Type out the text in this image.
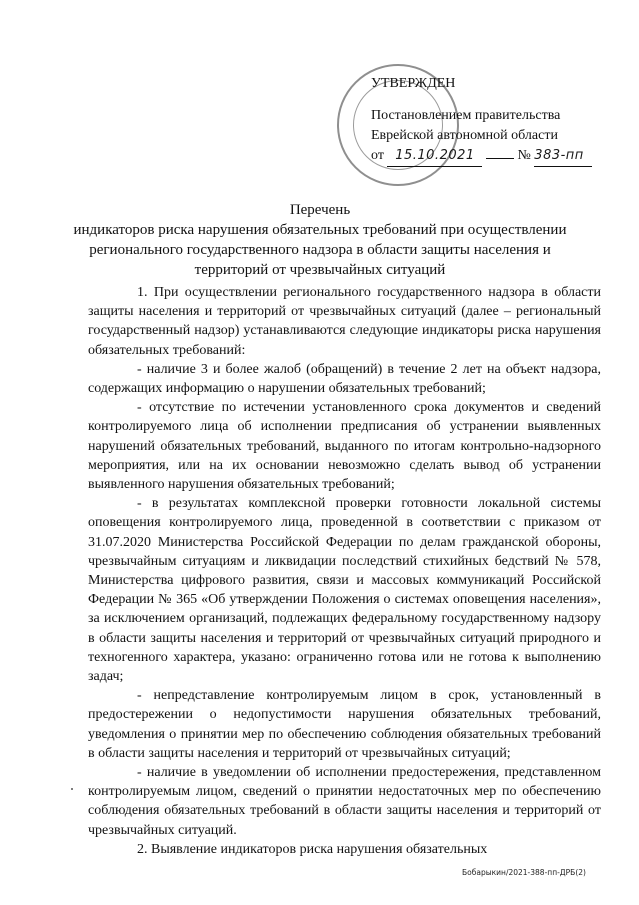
УТВЕРЖДЕН
Постановлением правительства
Еврейской автономной области
от 15.10.2021	№ 383-пп
Перечень
индикаторов риска нарушения обязательных требований при осуществлении регионального государственного надзора в области защиты населения и территорий от чрезвычайных ситуаций

1. При осуществлении регионального государственного надзора в области защиты населения и территорий от чрезвычайных ситуаций (далее – региональный государственный надзор) устанавливаются следующие индикаторы риска нарушения обязательных требований:

- наличие 3 и более жалоб (обращений) в течение 2 лет на объект надзора, содержащих информацию о нарушении обязательных требований;

- отсутствие по истечении установленного срока документов и сведений контролируемого лица об исполнении предписания об устранении выявленных нарушений обязательных требований, выданного по итогам контрольно-надзорного мероприятия, или на их основании невозможно сделать вывод об устранении выявленного нарушения обязательных требований;

- в результатах комплексной проверки готовности локальной системы оповещения контролируемого лица, проведенной в соответствии с приказом от 31.07.2020 Министерства Российской Федерации по делам гражданской обороны, чрезвычайным ситуациям и ликвидации последствий стихийных бедствий № 578, Министерства цифрового развития, связи и массовых коммуникаций Российской Федерации № 365 «Об утверждении Положения о системах оповещения населения», за исключением организаций, подлежащих федеральному государственному надзору в области защиты населения и территорий от чрезвычайных ситуаций природного и техногенного характера, указано: ограниченно готова или не готова к выполнению задач;

- непредставление контролируемым лицом в срок, установленный в предостережении о недопустимости нарушения обязательных требований, уведомления о принятии мер по обеспечению соблюдения обязательных требований в области защиты населения и территорий от чрезвычайных ситуаций;

- наличие в уведомлении об исполнении предостережения, представленном контролируемым лицом, сведений о принятии недостаточных мер по обеспечению соблюдения обязательных требований в области защиты населения и территорий от чрезвычайных ситуаций.

2. Выявление индикаторов риска нарушения обязательных

Бобарыкин/2021-388-пп-ДРБ(2)
